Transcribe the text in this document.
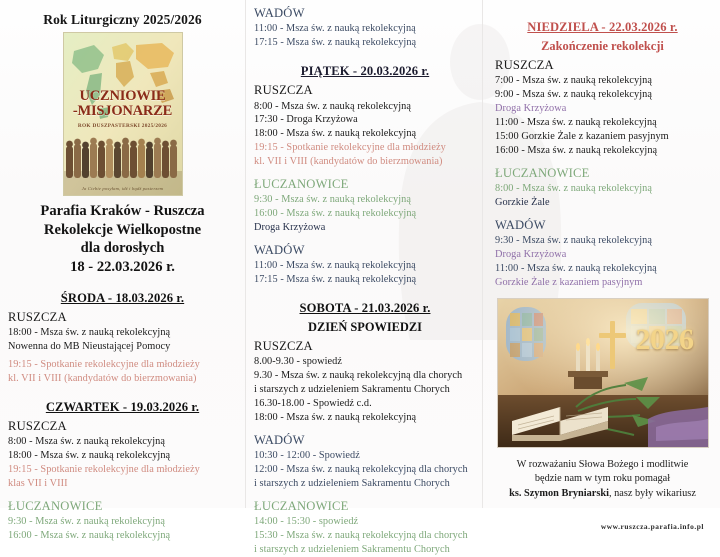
Rok Liturgiczny 2025/2026
UCZNIOWIE
-MISJONARZE
ROK DUSZPASTERSKI 2025/2026
Ja Ciebie posyłam, idź i bądź pasterzem
Parafia Kraków - Ruszcza
Rekolekcje Wielkopostne
dla dorosłych
18 - 22.03.2026 r.
ŚRODA - 18.03.2026 r.
RUSZCZA
18:00 - Msza św. z nauką rekolekcyjną
Nowenna do MB Nieustającej Pomocy
19:15 - Spotkanie rekolekcyjne dla młodzieży
kl. VII i VIII (kandydatów do bierzmowania)
CZWARTEK - 19.03.2026 r.
RUSZCZA
8:00 - Msza św. z nauką rekolekcyjną
18:00 - Msza św. z nauką rekolekcyjną
19:15 - Spotkanie rekolekcyjne dla młodzieży
klas VII i VIII
ŁUCZANOWICE
9:30 - Msza św. z nauką rekolekcyjną
16:00 - Msza św. z nauką rekolekcyjną
WADÓW
11:00 - Msza św. z nauką rekolekcyjną
17:15 - Msza św. z nauką rekolekcyjną
PIĄTEK - 20.03.2026 r.
RUSZCZA
8:00 - Msza św. z nauką rekolekcyjną
17:30 - Droga Krzyżowa
18:00 - Msza św. z nauką rekolekcyjną
19:15 - Spotkanie rekolekcyjne dla młodzieży
kl. VII i VIII (kandydatów do bierzmowania)
ŁUCZANOWICE
9:30 - Msza św. z nauką rekolekcyjną
16:00 - Msza św. z nauką rekolekcyjną
Droga Krzyżowa
WADÓW
11:00 - Msza św. z nauką rekolekcyjną
17:15 - Msza św. z nauką rekolekcyjną
SOBOTA - 21.03.2026 r.
DZIEŃ SPOWIEDZI
RUSZCZA
8.00-9.30 - spowiedź
9.30 - Msza św. z nauką rekolekcyjną dla chorych
i starszych z udzieleniem Sakramentu Chorych
16.30-18.00 - Spowiedź c.d.
18:00 - Msza św. z nauką rekolekcyjną
WADÓW
10:30 - 12:00 - Spowiedź
12:00 - Msza św. z nauką rekolekcyjną dla chorych
i starszych z udzieleniem Sakramentu Chorych
ŁUCZANOWICE
14:00 - 15:30 - spowiedź
15:30 - Msza św. z nauką rekolekcyjną dla chorych
i starszych z udzieleniem Sakramentu Chorych
NIEDZIELA - 22.03.2026 r.
Zakończenie rekolekcji
RUSZCZA
7:00 - Msza św. z nauką rekolekcyjną
9:00 - Msza św. z nauką rekolekcyjną
Droga Krzyżowa
11:00 - Msza św. z nauką rekolekcyjną
15:00 Gorzkie Żale z kazaniem pasyjnym
16:00 - Msza św. z nauką rekolekcyjną
ŁUCZANOWICE
8:00 - Msza św. z nauką rekolekcyjną
Gorzkie Żale
WADÓW
9:30 - Msza św. z nauką rekolekcyjną
Droga Krzyżowa
11:00 - Msza św. z nauką rekolekcyjną
Gorzkie Żale z kazaniem pasyjnym
2026
W rozważaniu Słowa Bożego i modlitwie
będzie nam w tym roku pomagał
ks. Szymon Bryniarski, nasz były wikariusz
www.ruszcza.parafia.info.pl
